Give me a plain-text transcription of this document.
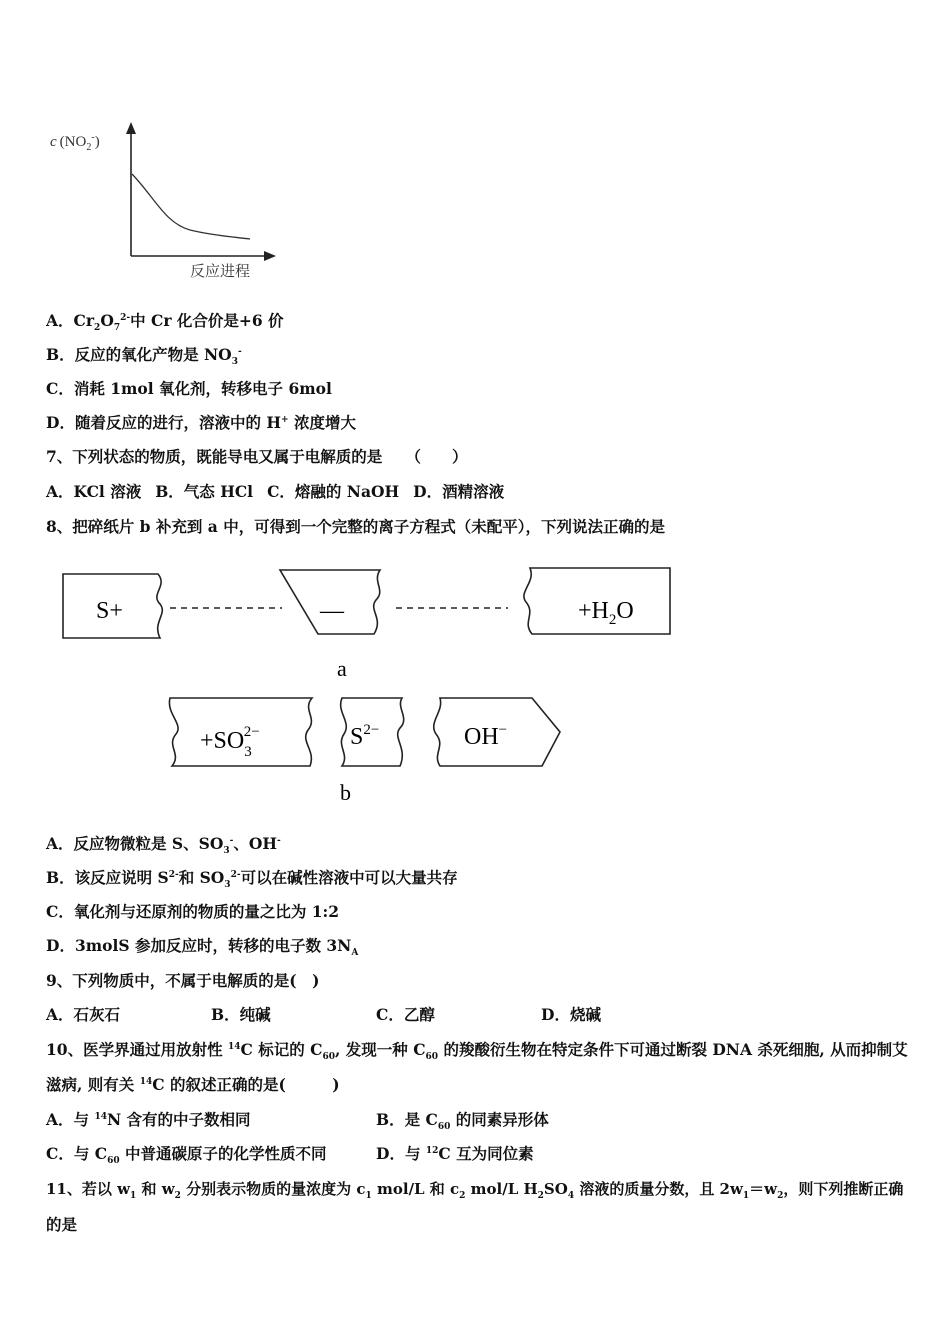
c $(NO_2^-)$
反应进程
A．$Cr_2O_7^{2-}$中 Cr 化合价是+6 价
B．反应的氧化产物是 $NO_3^-$
C．消耗 1mol 氧化剂，转移电子 6mol
D．随着反应的进行，溶液中的 H+ 浓度增大
7、下列状态的物质，既能导电又属于电解质的是　　（　　）
A．KCl 溶液 B．气态 HCl C．熔融的 NaOH D．酒精溶液
8、把碎纸片 b 补充到 a 中，可得到一个完整的离子方程式（未配平），下列说法正确的是
S+	—	$+H_2O$
a
$+SO_32-$	$S^{2-}$	OH−
b
A．反应物微粒是 S、$SO_3^-$、OH-
B．该反应说明 $S^{2-}$和 $SO_3^{2-}$可以在碱性溶液中可以大量共存
C．氧化剂与还原剂的物质的量之比为 1:2
D．3molS 参加反应时，转移的电子数 $3N_A$
9、下列物质中，不属于电解质的是(　)
A．石灰石	B．纯碱	C．乙醇	D．烧碱
10、医学界通过用放射性 $^{14}$C 标记的 $C_{60}$, 发现一种 $C_{60}$ 的羧酸衍生物在特定条件下可通过断裂 DNA 杀死细胞, 从而抑制艾
滋病, 则有关 $^{14}$C 的叙述正确的是(　　　)
A．与 $^{14}$N 含有的中子数相同	B．是 $C_{60}$ 的同素异形体
C．与 $C_{60}$ 中普通碳原子的化学性质不同	D．与 $^{12}$C 互为同位素
11、若以 $w_1$ 和 $w_2$ 分别表示物质的量浓度为 $c_1$ mol/L 和 $c_2$ mol/L $H_2SO_4$ 溶液的质量分数，且 $2w_1=w_2$，则下列推断正确
的是
